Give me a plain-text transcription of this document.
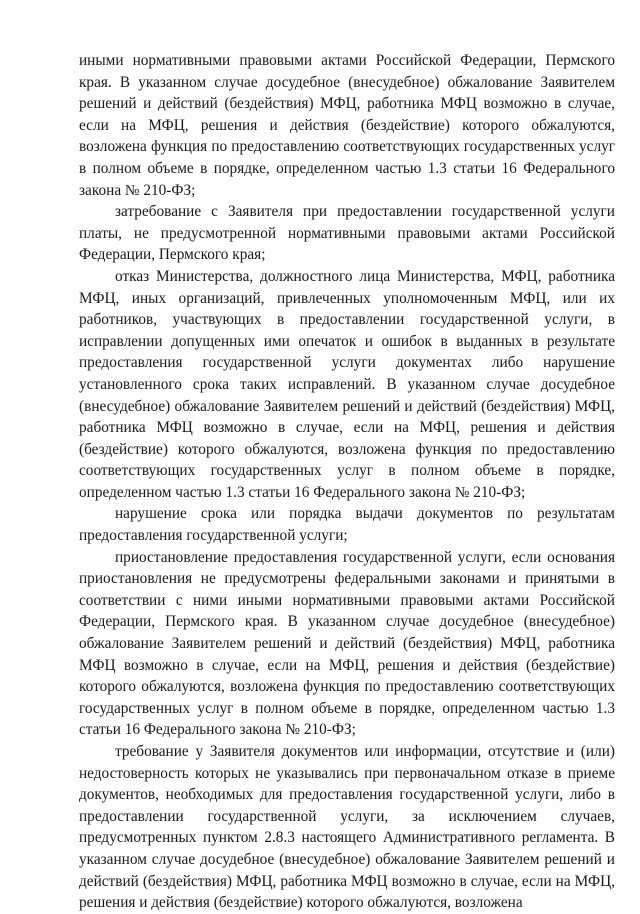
иными нормативными правовыми актами Российской Федерации, Пермского края. В указанном случае досудебное (внесудебное) обжалование Заявителем решений и действий (бездействия) МФЦ, работника МФЦ возможно в случае, если на МФЦ, решения и действия (бездействие) которого обжалуются, возложена функция по предоставлению соответствующих государственных услуг в полном объеме в порядке, определенном частью 1.3 статьи 16 Федерального закона № 210-ФЗ;

затребование с Заявителя при предоставлении государственной услуги платы, не предусмотренной нормативными правовыми актами Российской Федерации, Пермского края;

отказ Министерства, должностного лица Министерства, МФЦ, работника МФЦ, иных организаций, привлеченных уполномоченным МФЦ, или их работников, участвующих в предоставлении государственной услуги, в исправлении допущенных ими опечаток и ошибок в выданных в результате предоставления государственной услуги документах либо нарушение установленного срока таких исправлений. В указанном случае досудебное (внесудебное) обжалование Заявителем решений и действий (бездействия) МФЦ, работника МФЦ возможно в случае, если на МФЦ, решения и действия (бездействие) которого обжалуются, возложена функция по предоставлению соответствующих государственных услуг в полном объеме в порядке, определенном частью 1.3 статьи 16 Федерального закона № 210-ФЗ;

нарушение срока или порядка выдачи документов по результатам предоставления государственной услуги;

приостановление предоставления государственной услуги, если основания приостановления не предусмотрены федеральными законами и принятыми в соответствии с ними иными нормативными правовыми актами Российской Федерации, Пермского края. В указанном случае досудебное (внесудебное) обжалование Заявителем решений и действий (бездействия) МФЦ, работника МФЦ возможно в случае, если на МФЦ, решения и действия (бездействие) которого обжалуются, возложена функция по предоставлению соответствующих государственных услуг в полном объеме в порядке, определенном частью 1.3 статьи 16 Федерального закона № 210-ФЗ;

требование у Заявителя документов или информации, отсутствие и (или) недостоверность которых не указывались при первоначальном отказе в приеме документов, необходимых для предоставления государственной услуги, либо в предоставлении государственной услуги, за исключением случаев, предусмотренных пунктом 2.8.3 настоящего Административного регламента. В указанном случае досудебное (внесудебное) обжалование Заявителем решений и действий (бездействия) МФЦ, работника МФЦ возможно в случае, если на МФЦ, решения и действия (бездействие) которого обжалуются, возложена
